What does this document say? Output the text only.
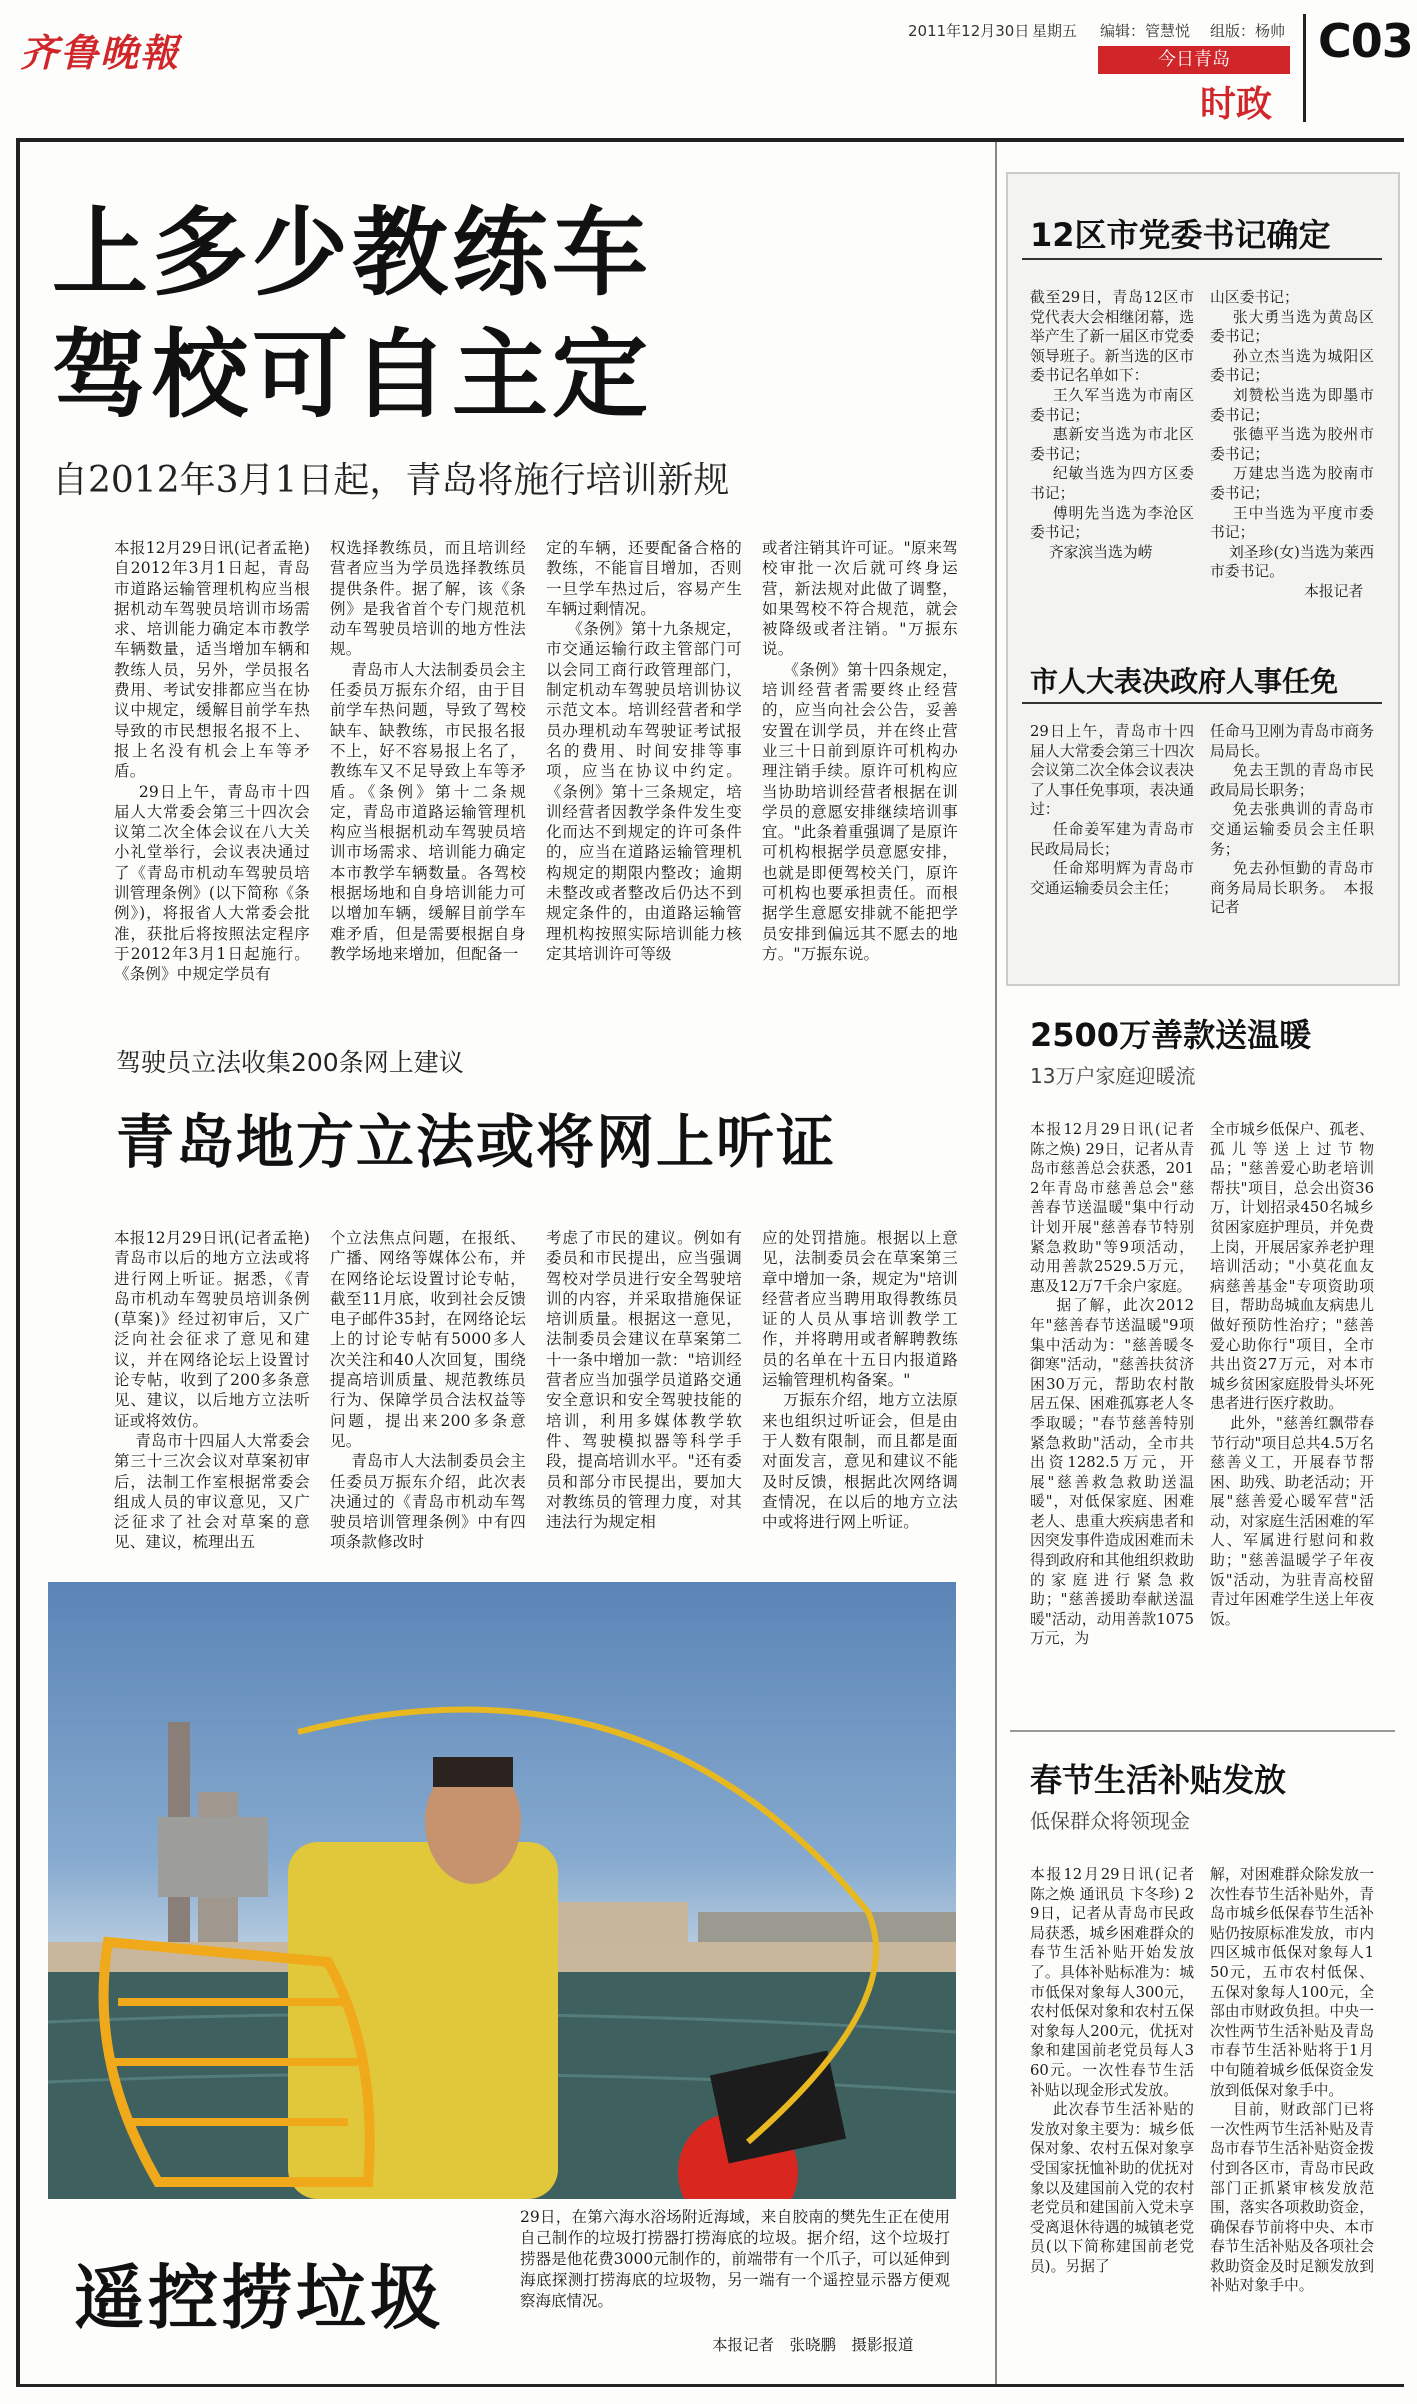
齐鲁晚報	2011年12月30日 星期五 编辑：管慧悦 组版：杨帅
今日青岛
时政
C03
上多少教练车
驾校可自主定
自2012年3月1日起，青岛将施行培训新规
本报12月29日讯(记者孟艳) 自2012年3月1日起，青岛市道路运输管理机构应当根据机动车驾驶员培训市场需求、培训能力确定本市教学车辆数量，适当增加车辆和教练人员，另外，学员报名费用、考试安排都应当在协议中规定，缓解目前学车热导致的市民想报名报不上、报上名没有机会上车等矛盾。
29日上午，青岛市十四届人大常委会第三十四次会议第二次全体会议在八大关小礼堂举行，会议表决通过了《青岛市机动车驾驶员培训管理条例》(以下简称《条例》)，将报省人大常委会批准，获批后将按照法定程序于2012年3月1日起施行。《条例》中规定学员有
权选择教练员，而且培训经营者应当为学员选择教练员提供条件。据了解，该《条例》是我省首个专门规范机动车驾驶员培训的地方性法规。
青岛市人大法制委员会主任委员万振东介绍，由于目前学车热问题，导致了驾校缺车、缺教练，市民报名报不上，好不容易报上名了，教练车又不足导致上车等矛盾。《条例》第十二条规定，青岛市道路运输管理机构应当根据机动车驾驶员培训市场需求、培训能力确定本市教学车辆数量。各驾校根据场地和自身培训能力可以增加车辆，缓解目前学车难矛盾，但是需要根据自身教学场地来增加，但配备一
定的车辆，还要配备合格的教练，不能盲目增加，否则一旦学车热过后，容易产生车辆过剩情况。
《条例》第十九条规定，市交通运输行政主管部门可以会同工商行政管理部门，制定机动车驾驶员培训协议示范文本。培训经营者和学员办理机动车驾驶证考试报名的费用、时间安排等事项，应当在协议中约定。《条例》第十三条规定，培训经营者因教学条件发生变化而达不到规定的许可条件的，应当在道路运输管理机构规定的期限内整改；逾期未整改或者整改后仍达不到规定条件的，由道路运输管理机构按照实际培训能力核定其培训许可等级
或者注销其许可证。"原来驾校审批一次后就可终身运营，新法规对此做了调整，如果驾校不符合规范，就会被降级或者注销。"万振东说。
《条例》第十四条规定，培训经营者需要终止经营的，应当向社会公告，妥善安置在训学员，并在终止营业三十日前到原许可机构办理注销手续。原许可机构应当协助培训经营者根据在训学员的意愿安排继续培训事宜。"此条着重强调了是原许可机构根据学员意愿安排，也就是即便驾校关门，原许可机构也要承担责任。而根据学生意愿安排就不能把学员安排到偏远其不愿去的地方。"万振东说。
驾驶员立法收集200条网上建议
青岛地方立法或将网上听证
本报12月29日讯(记者孟艳) 青岛市以后的地方立法或将进行网上听证。据悉，《青岛市机动车驾驶员培训条例(草案)》经过初审后，又广泛向社会征求了意见和建议，并在网络论坛上设置讨论专帖，收到了200多条意见、建议，以后地方立法听证或将效仿。
青岛市十四届人大常委会第三十三次会议对草案初审后，法制工作室根据常委会组成人员的审议意见，又广泛征求了社会对草案的意见、建议，梳理出五
个立法焦点问题，在报纸、广播、网络等媒体公布，并在网络论坛设置讨论专帖，截至11月底，收到社会反馈电子邮件35封，在网络论坛上的讨论专帖有5000多人次关注和40人次回复，围绕提高培训质量、规范教练员行为、保障学员合法权益等问题，提出来200多条意见。
青岛市人大法制委员会主任委员万振东介绍，此次表决通过的《青岛市机动车驾驶员培训管理条例》中有四项条款修改时
考虑了市民的建议。例如有委员和市民提出，应当强调驾校对学员进行安全驾驶培训的内容，并采取措施保证培训质量。根据这一意见，法制委员会建议在草案第二十一条中增加一款："培训经营者应当加强学员道路交通安全意识和安全驾驶技能的培训，利用多媒体教学软件、驾驶模拟器等科学手段，提高培训水平。"还有委员和部分市民提出，要加大对教练员的管理力度，对其违法行为规定相
应的处罚措施。根据以上意见，法制委员会在草案第三章中增加一条，规定为"培训经营者应当聘用取得教练员证的人员从事培训教学工作，并将聘用或者解聘教练员的名单在十五日内报道路运输管理机构备案。"
万振东介绍，地方立法原来也组织过听证会，但是由于人数有限制，而且都是面对面发言，意见和建议不能及时反馈，根据此次网络调查情况，在以后的地方立法中或将进行网上听证。
遥控捞垃圾
29日，在第六海水浴场附近海域，来自胶南的樊先生正在使用自己制作的垃圾打捞器打捞海底的垃圾。据介绍，这个垃圾打捞器是他花费3000元制作的，前端带有一个爪子，可以延伸到海底探测打捞海底的垃圾物，另一端有一个遥控显示器方便观察海底情况。
本报记者　张晓鹏　摄影报道
12区市党委书记确定
截至29日，青岛12区市党代表大会相继闭幕，选举产生了新一届区市党委领导班子。新当选的区市委书记名单如下：
王久军当选为市南区委书记；
惠新安当选为市北区委书记；
纪敏当选为四方区委书记；
傅明先当选为李沧区委书记；
齐家滨当选为崂
山区委书记；
张大勇当选为黄岛区委书记；
孙立杰当选为城阳区委书记；
刘赞松当选为即墨市委书记；
张德平当选为胶州市委书记；
万建忠当选为胶南市委书记；
王中当选为平度市委书记；
刘圣珍(女)当选为莱西市委书记。
本报记者
市人大表决政府人事任免
29日上午，青岛市十四届人大常委会第三十四次会议第二次全体会议表决了人事任免事项，表决通过：
任命姜军建为青岛市民政局局长；
任命郑明辉为青岛市交通运输委员会主任；
任命马卫刚为青岛市商务局局长。
免去王凯的青岛市民政局局长职务；
免去张典训的青岛市交通运输委员会主任职务；
免去孙恒勤的青岛市商务局局长职务。　本报记者
2500万善款送温暖
13万户家庭迎暖流
本报12月29日讯(记者 陈之焕) 29日，记者从青岛市慈善总会获悉，2012年青岛市慈善总会"慈善春节送温暖"集中行动计划开展"慈善春节特别紧急救助"等9项活动，动用善款2529.5万元，惠及12万7千余户家庭。
据了解，此次2012年"慈善春节送温暖"9项集中活动为："慈善暖冬御寒"活动，"慈善扶贫济困30万元，帮助农村散居五保、困难孤寡老人冬季取暖；"春节慈善特别紧急救助"活动，全市共出资1282.5万元，开展"慈善救急救助送温暖"，对低保家庭、困难老人、患重大疾病患者和因突发事件造成困难而未得到政府和其他组织救助的家庭进行紧急救助；"慈善援助奉献送温暖"活动，动用善款1075万元，为
全市城乡低保户、孤老、孤儿等送上过节物品；"慈善爱心助老培训帮扶"项目，总会出资36万，计划招录450名城乡贫困家庭护理员，并免费上岗，开展居家养老护理培训活动；"小莫花血友病慈善基金"专项资助项目，帮助岛城血友病患儿做好预防性治疗；"慈善爱心助你行"项目，全市共出资27万元，对本市城乡贫困家庭股骨头坏死患者进行医疗救助。
此外，"慈善红飘带春节行动"项目总共4.5万名慈善义工，开展春节帮困、助残、助老活动；开展"慈善爱心暖军营"活动，对家庭生活困难的军人、军属进行慰问和救助；"慈善温暖学子年夜饭"活动，为驻青高校留青过年困难学生送上年夜饭。
春节生活补贴发放
低保群众将领现金
本报12月29日讯(记者 陈之焕 通讯员 卞冬珍) 29日，记者从青岛市民政局获悉，城乡困难群众的春节生活补贴开始发放了。具体补贴标准为：城市低保对象每人300元，农村低保对象和农村五保对象每人200元，优抚对象和建国前老党员每人360元。一次性春节生活补贴以现金形式发放。
此次春节生活补贴的发放对象主要为：城乡低保对象、农村五保对象享受国家抚恤补助的优抚对象以及建国前入党的农村老党员和建国前入党未享受离退休待遇的城镇老党员(以下简称建国前老党员)。另据了
解，对困难群众除发放一次性春节生活补贴外，青岛市城乡低保春节生活补贴仍按原标准发放，市内四区城市低保对象每人150元，五市农村低保、五保对象每人100元，全部由市财政负担。中央一次性两节生活补贴及青岛市春节生活补贴将于1月中旬随着城乡低保资金发放到低保对象手中。
目前，财政部门已将一次性两节生活补贴及青岛市春节生活补贴资金拨付到各区市，青岛市民政部门正抓紧审核发放范围，落实各项救助资金，确保春节前将中央、本市春节生活补贴及各项社会救助资金及时足额发放到补贴对象手中。
